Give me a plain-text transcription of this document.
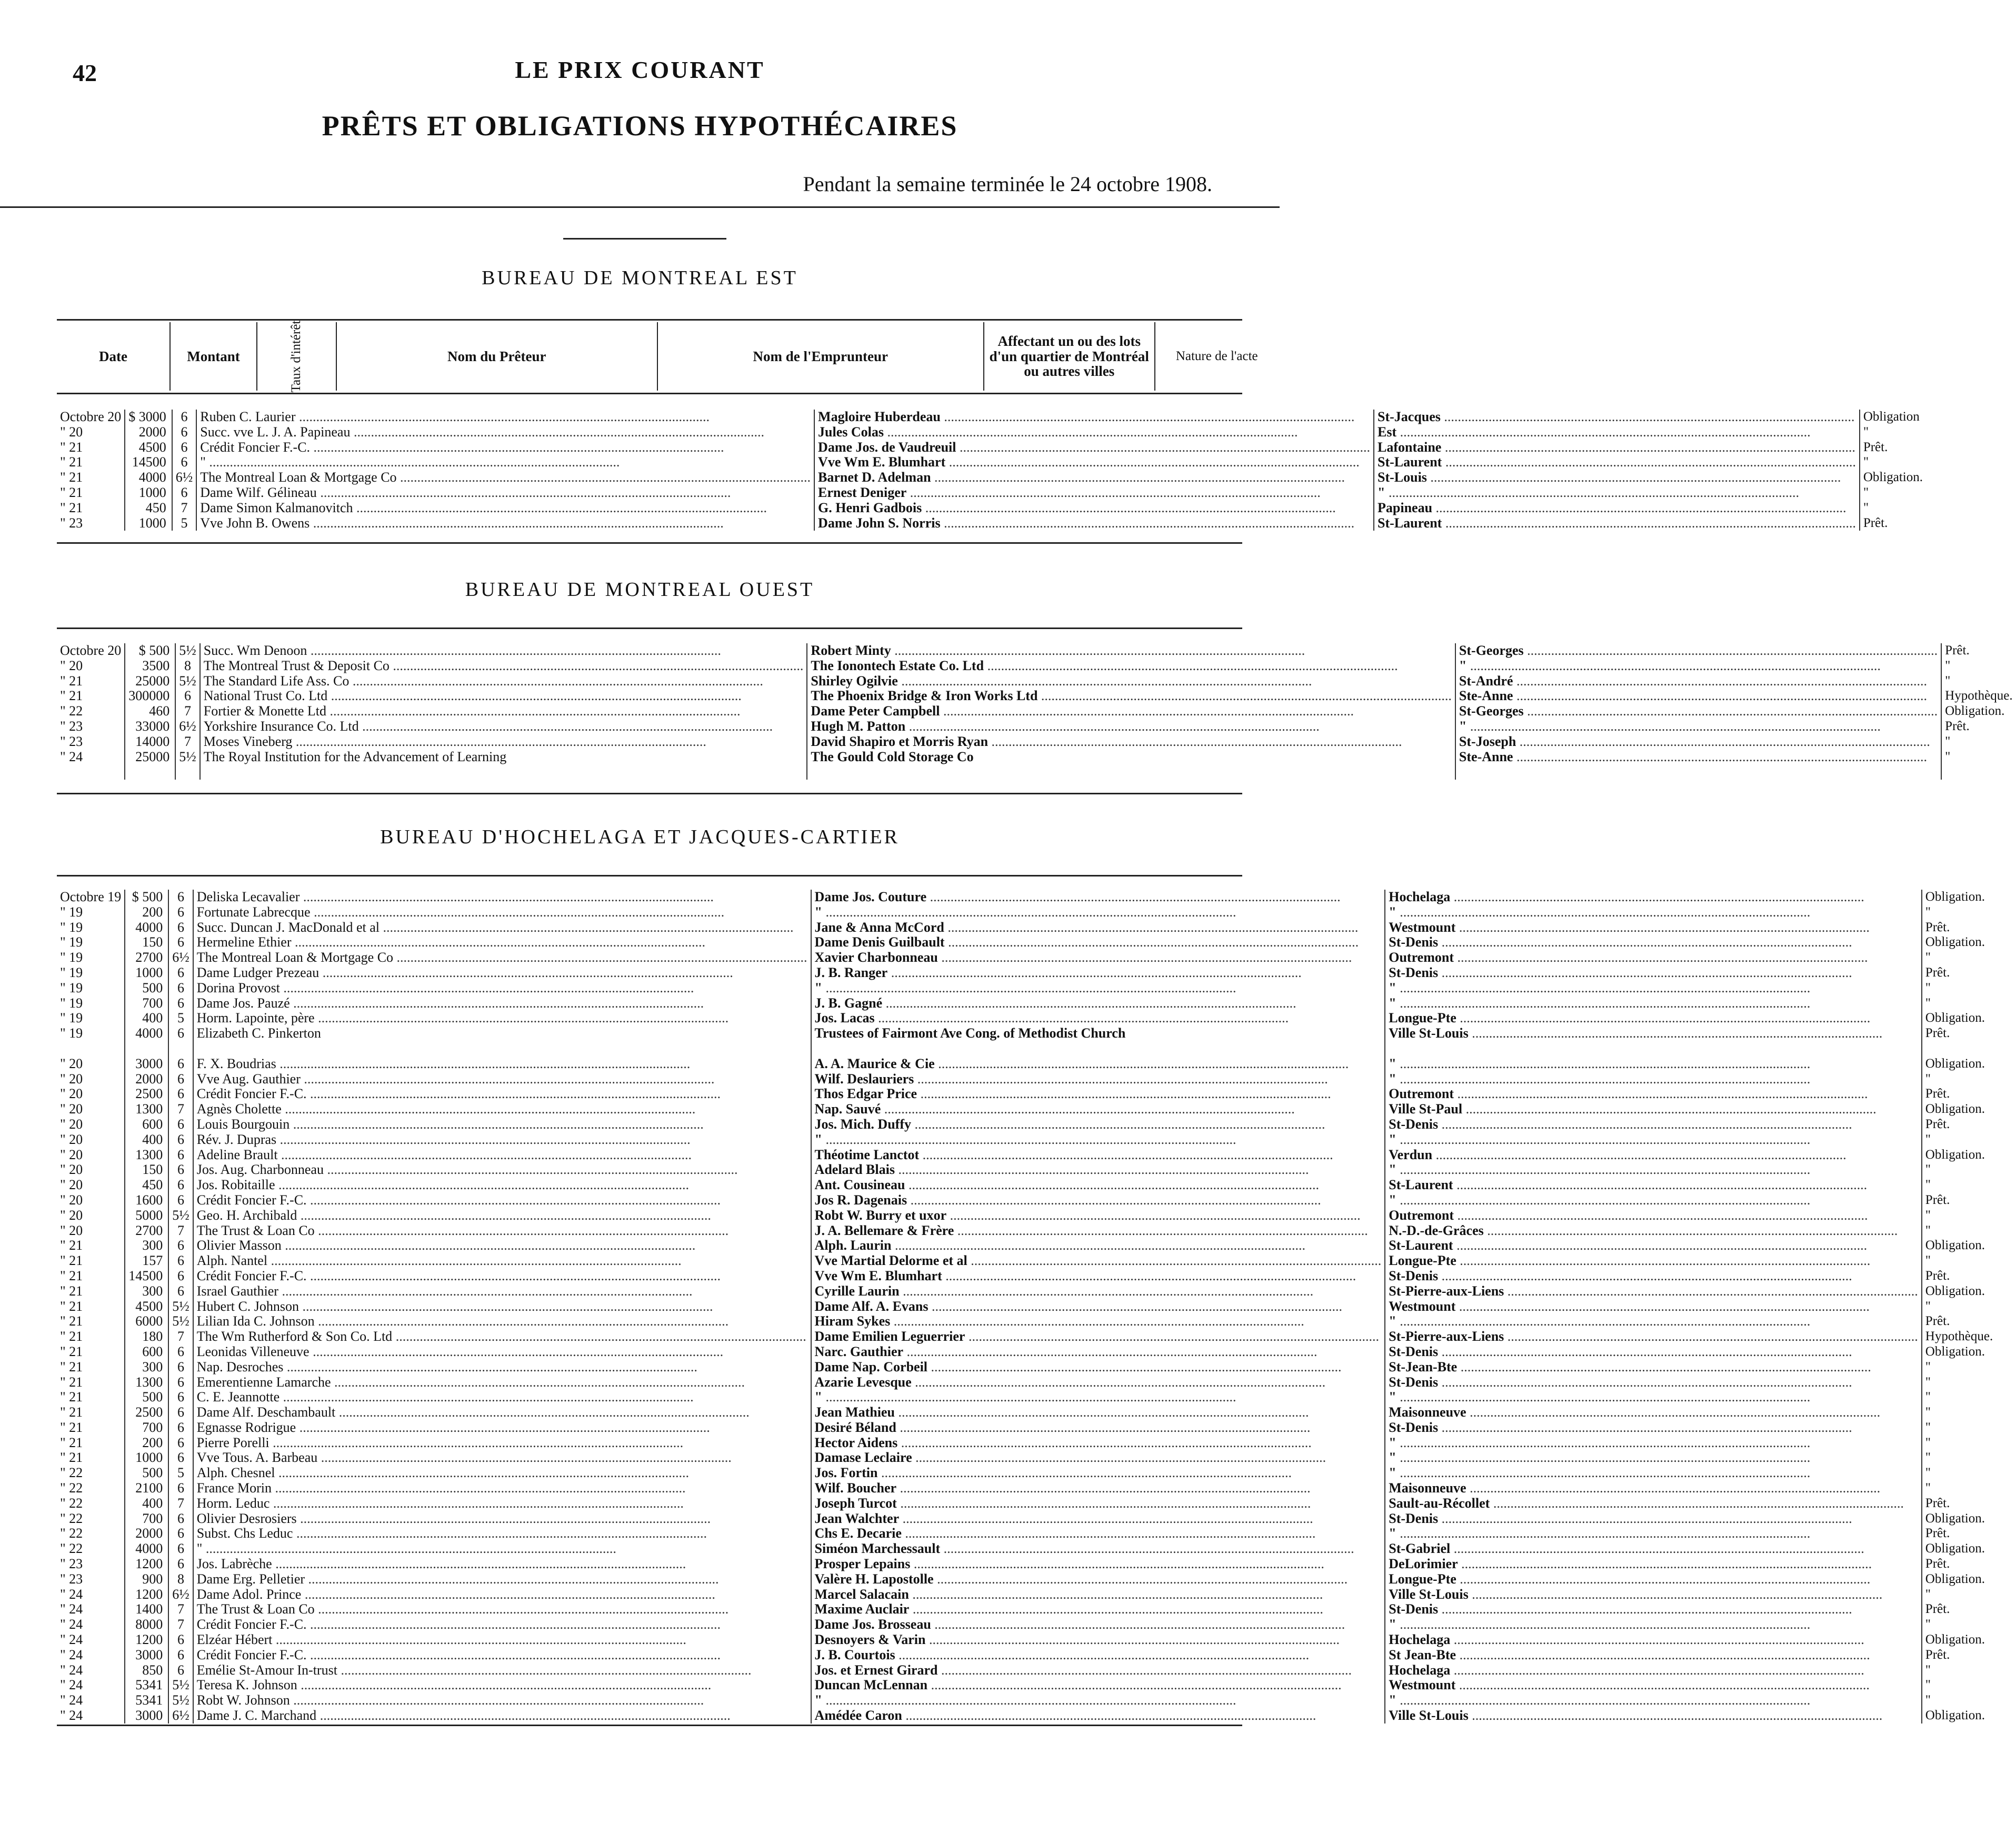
42	LE PRIX COURANT
PRÊTS ET OBLIGATIONS HYPOTHÉCAIRES
Pendant la semaine terminée le 24 octobre 1908.
BUREAU DE MONTREAL EST
Date	Montant	Taux d'intérêt	Nom du Prêteur	Nom de l'Emprunteur	Affectant un ou des lots d'un quartier de Montréal ou autres villes	Nature de l'acte
Octobre 20	$ 3000	6	Ruben C. Laurier .....	Magloire Huberdeau .....	St-Jacques .....	Obligation
" 20	2000	6	Succ. vve L. J. A. Papineau .....	Jules Colas .....	Est .....	"
" 21	4500	6	Crédit Foncier F.-C. .....	Dame Jos. de Vaudreuil .....	Lafontaine .....	Prêt.
" 21	14500	6	" .....	Vve Wm E. Blumhart .....	St-Laurent .....	"
" 21	4000	6½	The Montreal Loan & Mortgage Co .....	Barnet D. Adelman .....	St-Louis .....	Obligation.
" 21	1000	6	Dame Wilf. Gélineau .....	Ernest Deniger .....	" .....	"
" 21	450	7	Dame Simon Kalmanovitch .....	G. Henri Gadbois .....	Papineau .....	"
" 23	1000	5	Vve John B. Owens .....	Dame John S. Norris .....	St-Laurent .....	Prêt.
BUREAU DE MONTREAL OUEST
Octobre 20	$ 500	5½	Succ. Wm Denoon .....	Robert Minty .....	St-Georges .....	Prêt.
" 20	3500	8	The Montreal Trust & Deposit Co .....	The Ionontech Estate Co. Ltd .....	" .....	"
" 21	25000	5½	The Standard Life Ass. Co .....	Shirley Ogilvie .....	St-André .....	"
" 21	300000	6	National Trust Co. Ltd .....	The Phoenix Bridge & Iron Works Ltd .....	Ste-Anne .....	Hypothèque.
" 22	460	7	Fortier & Monette Ltd .....	Dame Peter Campbell .....	St-Georges .....	Obligation.
" 23	33000	6½	Yorkshire Insurance Co. Ltd .....	Hugh M. Patton .....	" .....	Prêt.
" 23	14000	7	Moses Vineberg .....	David Shapiro et Morris Ryan .....	St-Joseph .....	"
" 24	25000	5½	The Royal Institution for the Advancement of Learning	The Gould Cold Storage Co	Ste-Anne .....	"
BUREAU D'HOCHELAGA ET JACQUES-CARTIER
Octobre 19	$ 500	6	Deliska Lecavalier .....	Dame Jos. Couture .....	Hochelaga .....	Obligation.
" 19	200	6	Fortunate Labrecque .....	" .....	" .....	"
" 19	4000	6	Succ. Duncan J. MacDonald et al .....	Jane & Anna McCord .....	Westmount .....	Prêt.
" 19	150	6	Hermeline Ethier .....	Dame Denis Guilbault .....	St-Denis .....	Obligation.
" 19	2700	6½	The Montreal Loan & Mortgage Co .....	Xavier Charbonneau .....	Outremont .....	"
" 19	1000	6	Dame Ludger Prezeau .....	J. B. Ranger .....	St-Denis .....	Prêt.
" 19	500	6	Dorina Provost .....	" .....	" .....	"
" 19	700	6	Dame Jos. Pauzé .....	J. B. Gagné .....	" .....	"
" 19	400	5	Horm. Lapointe, père .....	Jos. Lacas .....	Longue-Pte .....	Obligation.
" 19	4000	6	Elizabeth C. Pinkerton	Trustees of Fairmont Ave Cong. of Methodist Church	Ville St-Louis .....	Prêt.
" 20	3000	6	F. X. Boudrias .....	A. A. Maurice & Cie .....	" .....	Obligation.
" 20	2000	6	Vve Aug. Gauthier .....	Wilf. Deslauriers .....	" .....	"
" 20	2500	6	Crédit Foncier F.-C. .....	Thos Edgar Price .....	Outremont .....	Prêt.
" 20	1300	7	Agnès Cholette .....	Nap. Sauvé .....	Ville St-Paul .....	Obligation.
" 20	600	6	Louis Bourgouin .....	Jos. Mich. Duffy .....	St-Denis .....	Prêt.
" 20	400	6	Rév. J. Dupras .....	" .....	" .....	"
" 20	1300	6	Adeline Brault .....	Théotime Lanctot .....	Verdun .....	Obligation.
" 20	150	6	Jos. Aug. Charbonneau .....	Adelard Blais .....	" .....	"
" 20	450	6	Jos. Robitaille .....	Ant. Cousineau .....	St-Laurent .....	"
" 20	1600	6	Crédit Foncier F.-C. .....	Jos R. Dagenais .....	" .....	Prêt.
" 20	5000	5½	Geo. H. Archibald .....	Robt W. Burry et uxor .....	Outremont .....	"
" 20	2700	7	The Trust & Loan Co .....	J. A. Bellemare & Frère .....	N.-D.-de-Grâces .....	"
" 21	300	6	Olivier Masson .....	Alph. Laurin .....	St-Laurent .....	Obligation.
" 21	157	6	Alph. Nantel .....	Vve Martial Delorme et al .....	Longue-Pte .....	"
" 21	14500	6	Crédit Foncier F.-C. .....	Vve Wm E. Blumhart .....	St-Denis .....	Prêt.
" 21	300	6	Israel Gauthier .....	Cyrille Laurin .....	St-Pierre-aux-Liens .....	Obligation.
" 21	4500	5½	Hubert C. Johnson .....	Dame Alf. A. Evans .....	Westmount .....	"
" 21	6000	5½	Lilian Ida C. Johnson .....	Hiram Sykes .....	" .....	Prêt.
" 21	180	7	The Wm Rutherford & Son Co. Ltd .....	Dame Emilien Leguerrier .....	St-Pierre-aux-Liens .....	Hypothèque.
" 21	600	6	Leonidas Villeneuve .....	Narc. Gauthier .....	St-Denis .....	Obligation.
" 21	300	6	Nap. Desroches .....	Dame Nap. Corbeil .....	St-Jean-Bte .....	"
" 21	1300	6	Emerentienne Lamarche .....	Azarie Levesque .....	St-Denis .....	"
" 21	500	6	C. E. Jeannotte .....	" .....	" .....	"
" 21	2500	6	Dame Alf. Deschambault .....	Jean Mathieu .....	Maisonneuve .....	"
" 21	700	6	Egnasse Rodrigue .....	Desiré Béland .....	St-Denis .....	"
" 21	200	6	Pierre Porelli .....	Hector Aidens .....	" .....	"
" 21	1000	6	Vve Tous. A. Barbeau .....	Damase Leclaire .....	" .....	"
" 22	500	5	Alph. Chesnel .....	Jos. Fortin .....	" .....	"
" 22	2100	6	France Morin .....	Wilf. Boucher .....	Maisonneuve .....	"
" 22	400	7	Horm. Leduc .....	Joseph Turcot .....	Sault-au-Récollet .....	Prêt.
" 22	700	6	Olivier Desrosiers .....	Jean Walchter .....	St-Denis .....	Obligation.
" 22	2000	6	Subst. Chs Leduc .....	Chs E. Decarie .....	" .....	Prêt.
" 22	4000	6	" .....	Siméon Marchessault .....	St-Gabriel .....	Obligation.
" 23	1200	6	Jos. Labrèche .....	Prosper Lepains .....	DeLorimier .....	Prêt.
" 23	900	8	Dame Erg. Pelletier .....	Valère H. Lapostolle .....	Longue-Pte .....	Obligation.
" 24	1200	6½	Dame Adol. Prince .....	Marcel Salacain .....	Ville St-Louis .....	"
" 24	1400	7	The Trust & Loan Co .....	Maxime Auclair .....	St-Denis .....	Prêt.
" 24	8000	7	Crédit Foncier F.-C. .....	Dame Jos. Brosseau .....	" .....	"
" 24	1200	6	Elzéar Hébert .....	Desnoyers & Varin .....	Hochelaga .....	Obligation.
" 24	3000	6	Crédit Foncier F.-C. .....	J. B. Courtois .....	St Jean-Bte .....	Prêt.
" 24	850	6	Emélie St-Amour In-trust .....	Jos. et Ernest Girard .....	Hochelaga .....	"
" 24	5341	5½	Teresa K. Johnson .....	Duncan McLennan .....	Westmount .....	"
" 24	5341	5½	Robt W. Johnson .....	" .....	" .....	"
" 24	3000	6½	Dame J. C. Marchand .....	Amédée Caron .....	Ville St-Louis .....	Obligation.
